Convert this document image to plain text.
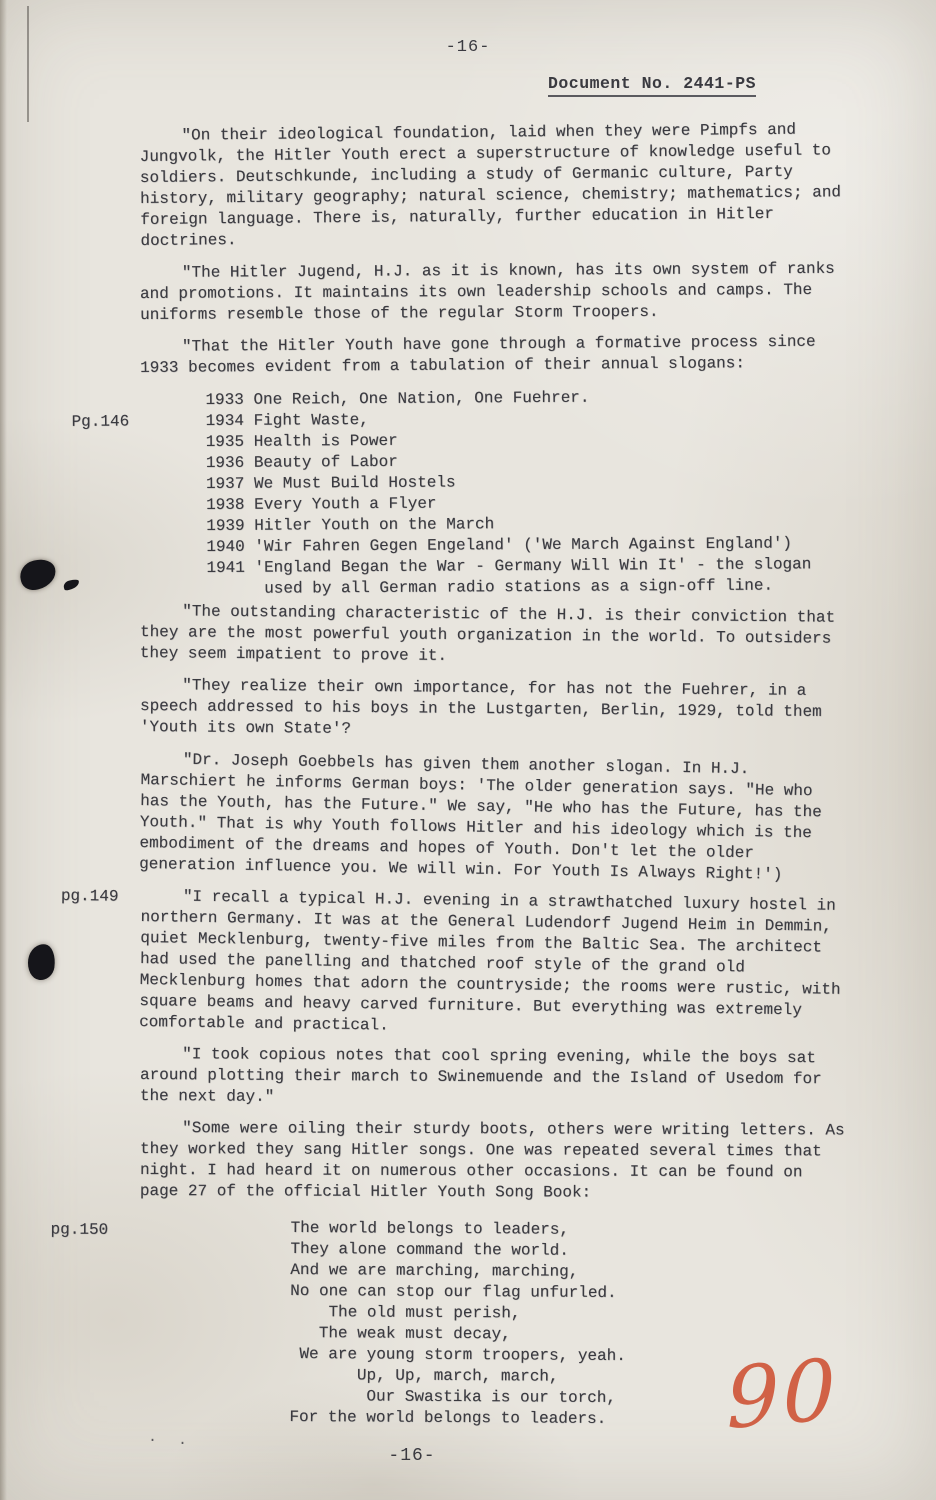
-16-
Document No. 2441-PS

"On their ideological foundation, laid when they were Pimpfs and Jungvolk, the Hitler Youth erect a superstructure of knowledge useful to soldiers. Deutschkunde, including a study of Germanic culture, Party history, military geography; natural science, chemistry; mathematics; and foreign language. There is, naturally, further education in Hitler doctrines.

"The Hitler Jugend, H.J. as it is known, has its own system of ranks and promotions. It maintains its own leadership schools and camps. The uniforms resemble those of the regular Storm Troopers.

"That the Hitler Youth have gone through a formative process since 1933 becomes evident from a tabulation of their annual slogans:

Pg.146
1933 One Reich, One Nation, One Fuehrer.
1934 Fight Waste,
1935 Health is Power
1936 Beauty of Labor
1937 We Must Build Hostels
1938 Every Youth a Flyer
1939 Hitler Youth on the March
1940 'Wir Fahren Gegen Engeland' ('We March Against England')
1941 'England Began the War - Germany Will Win It' - the slogan
used by all German radio stations as a sign-off line.

"The outstanding characteristic of the H.J. is their conviction that they are the most powerful youth organization in the world. To outsiders they seem impatient to prove it.

"They realize their own importance, for has not the Fuehrer, in a speech addressed to his boys in the Lustgarten, Berlin, 1929, told them 'Youth its own State'?

"Dr. Joseph Goebbels has given them another slogan. In H.J. Marschiert he informs German boys: 'The older generation says. "He who has the Youth, has the Future." We say, "He who has the Future, has the Youth." That is why Youth follows Hitler and his ideology which is the embodiment of the dreams and hopes of Youth. Don't let the older generation influence you. We will win. For Youth Is Always Right!')

pg.149	"I recall a typical H.J. evening in a strawthatched luxury hostel in northern Germany. It was at the General Ludendorf Jugend Heim in Demmin, quiet Mecklenburg, twenty-five miles from the Baltic Sea. The architect had used the panelling and thatched roof style of the grand old Mecklenburg homes that adorn the countryside; the rooms were rustic, with square beams and heavy carved furniture. But everything was extremely comfortable and practical.

"I took copious notes that cool spring evening, while the boys sat around plotting their march to Swinemuende and the Island of Usedom for the next day."

"Some were oiling their sturdy boots, others were writing letters. As they worked they sang Hitler songs. One was repeated several times that night. I had heard it on numerous other occasions. It can be found on page 27 of the official Hitler Youth Song Book:

pg.150	The world belongs to leaders,
They alone command the world.
And we are marching, marching,
No one can stop our flag unfurled.
The old must perish,
The weak must decay,
We are young storm troopers, yeah.
Up, Up, march, march,
Our Swastika is our torch,
For the world belongs to leaders.
-16-
90
· .
